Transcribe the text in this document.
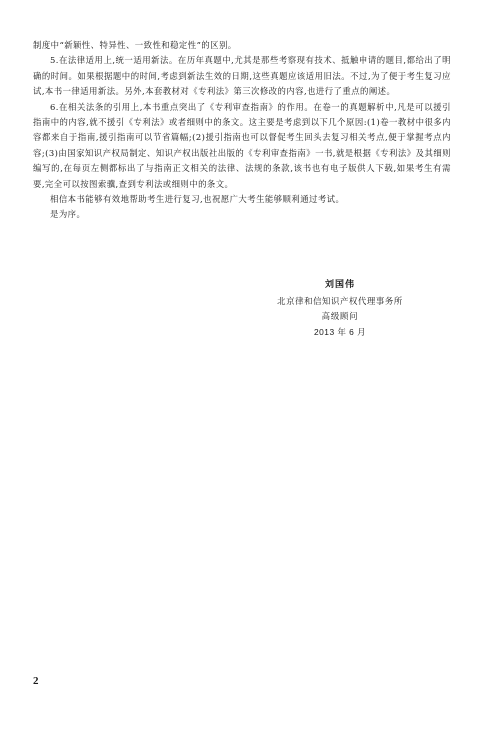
制度中“新颖性、特异性、一致性和稳定性”的区别。

5.在法律适用上,统一适用新法。在历年真题中,尤其是那些考察现有技术、抵触申请的题目,都给出了明确的时间。如果根据题中的时间,考虑到新法生效的日期,这些真题应该适用旧法。不过,为了便于考生复习应试,本书一律适用新法。另外,本套教材对《专利法》第三次修改的内容,也进行了重点的阐述。

6.在相关法条的引用上,本书重点突出了《专利审查指南》的作用。在卷一的真题解析中,凡是可以援引指南中的内容,就不援引《专利法》或者细则中的条文。这主要是考虑到以下几个原因:(1)卷一教材中很多内容都来自于指南,援引指南可以节省篇幅;(2)援引指南也可以督促考生回头去复习相关考点,便于掌握考点内容;(3)由国家知识产权局制定、知识产权出版社出版的《专利审查指南》一书,就是根据《专利法》及其细则编写的,在每页左侧都标出了与指南正文相关的法律、法规的条款,该书也有电子版供人下载,如果考生有需要,完全可以按图索骥,查到专利法或细则中的条文。

相信本书能够有效地帮助考生进行复习,也祝愿广大考生能够顺利通过考试。

是为序。

刘国伟
北京律和信知识产权代理事务所
高级顾问
2013 年 6 月
2
